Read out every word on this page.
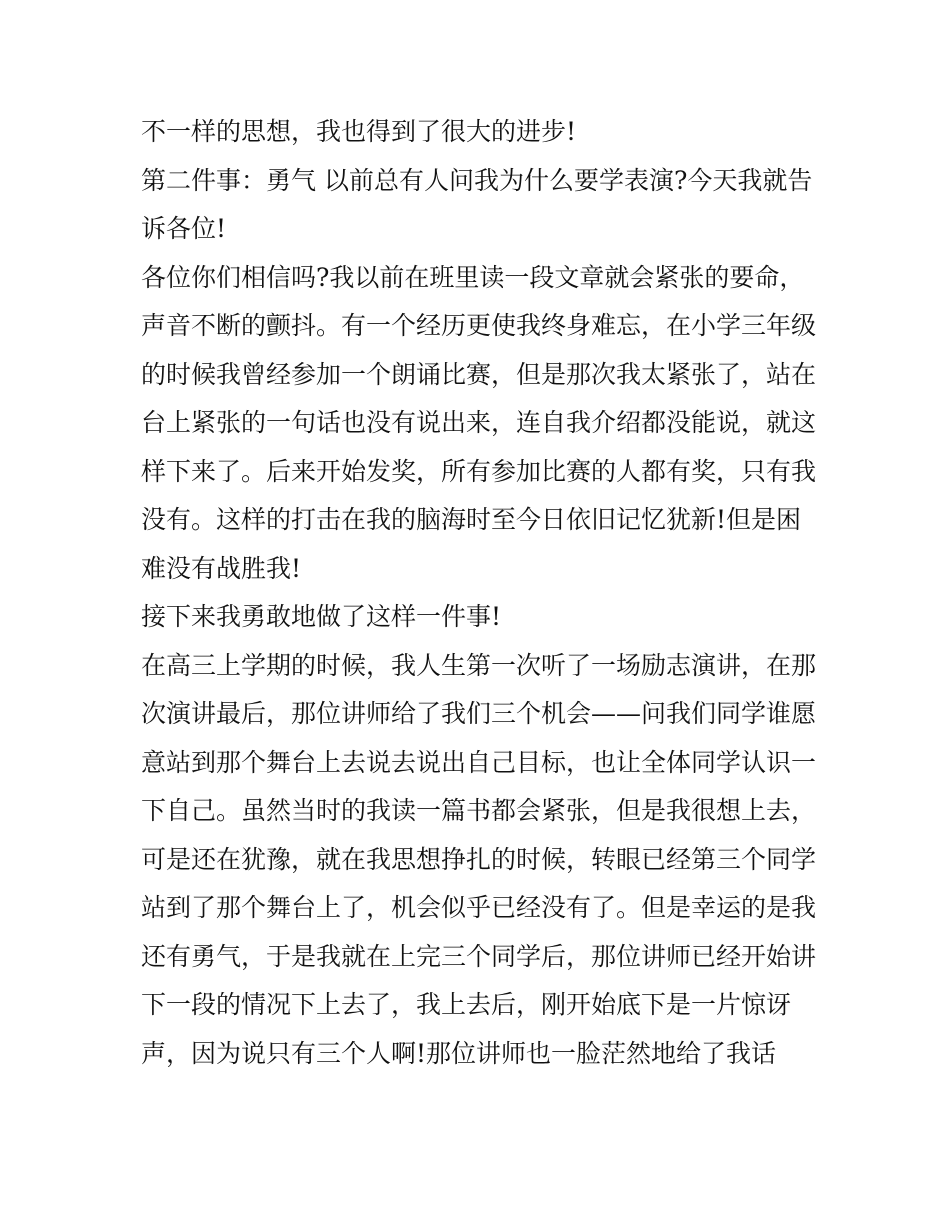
不一样的思想，我也得到了很大的进步!
第二件事：勇气 以前总有人问我为什么要学表演?今天我就告
诉各位!
各位你们相信吗?我以前在班里读一段文章就会紧张的要命，
声音不断的颤抖。有一个经历更使我终身难忘，在小学三年级
的时候我曾经参加一个朗诵比赛，但是那次我太紧张了，站在
台上紧张的一句话也没有说出来，连自我介绍都没能说，就这
样下来了。后来开始发奖，所有参加比赛的人都有奖，只有我
没有。这样的打击在我的脑海时至今日依旧记忆犹新!但是困
难没有战胜我!
接下来我勇敢地做了这样一件事!
在高三上学期的时候，我人生第一次听了一场励志演讲，在那
次演讲最后，那位讲师给了我们三个机会——问我们同学谁愿
意站到那个舞台上去说去说出自己目标，也让全体同学认识一
下自己。虽然当时的我读一篇书都会紧张，但是我很想上去，
可是还在犹豫，就在我思想挣扎的时候，转眼已经第三个同学
站到了那个舞台上了，机会似乎已经没有了。但是幸运的是我
还有勇气，于是我就在上完三个同学后，那位讲师已经开始讲
下一段的情况下上去了，我上去后，刚开始底下是一片惊讶
声，因为说只有三个人啊!那位讲师也一脸茫然地给了我话
